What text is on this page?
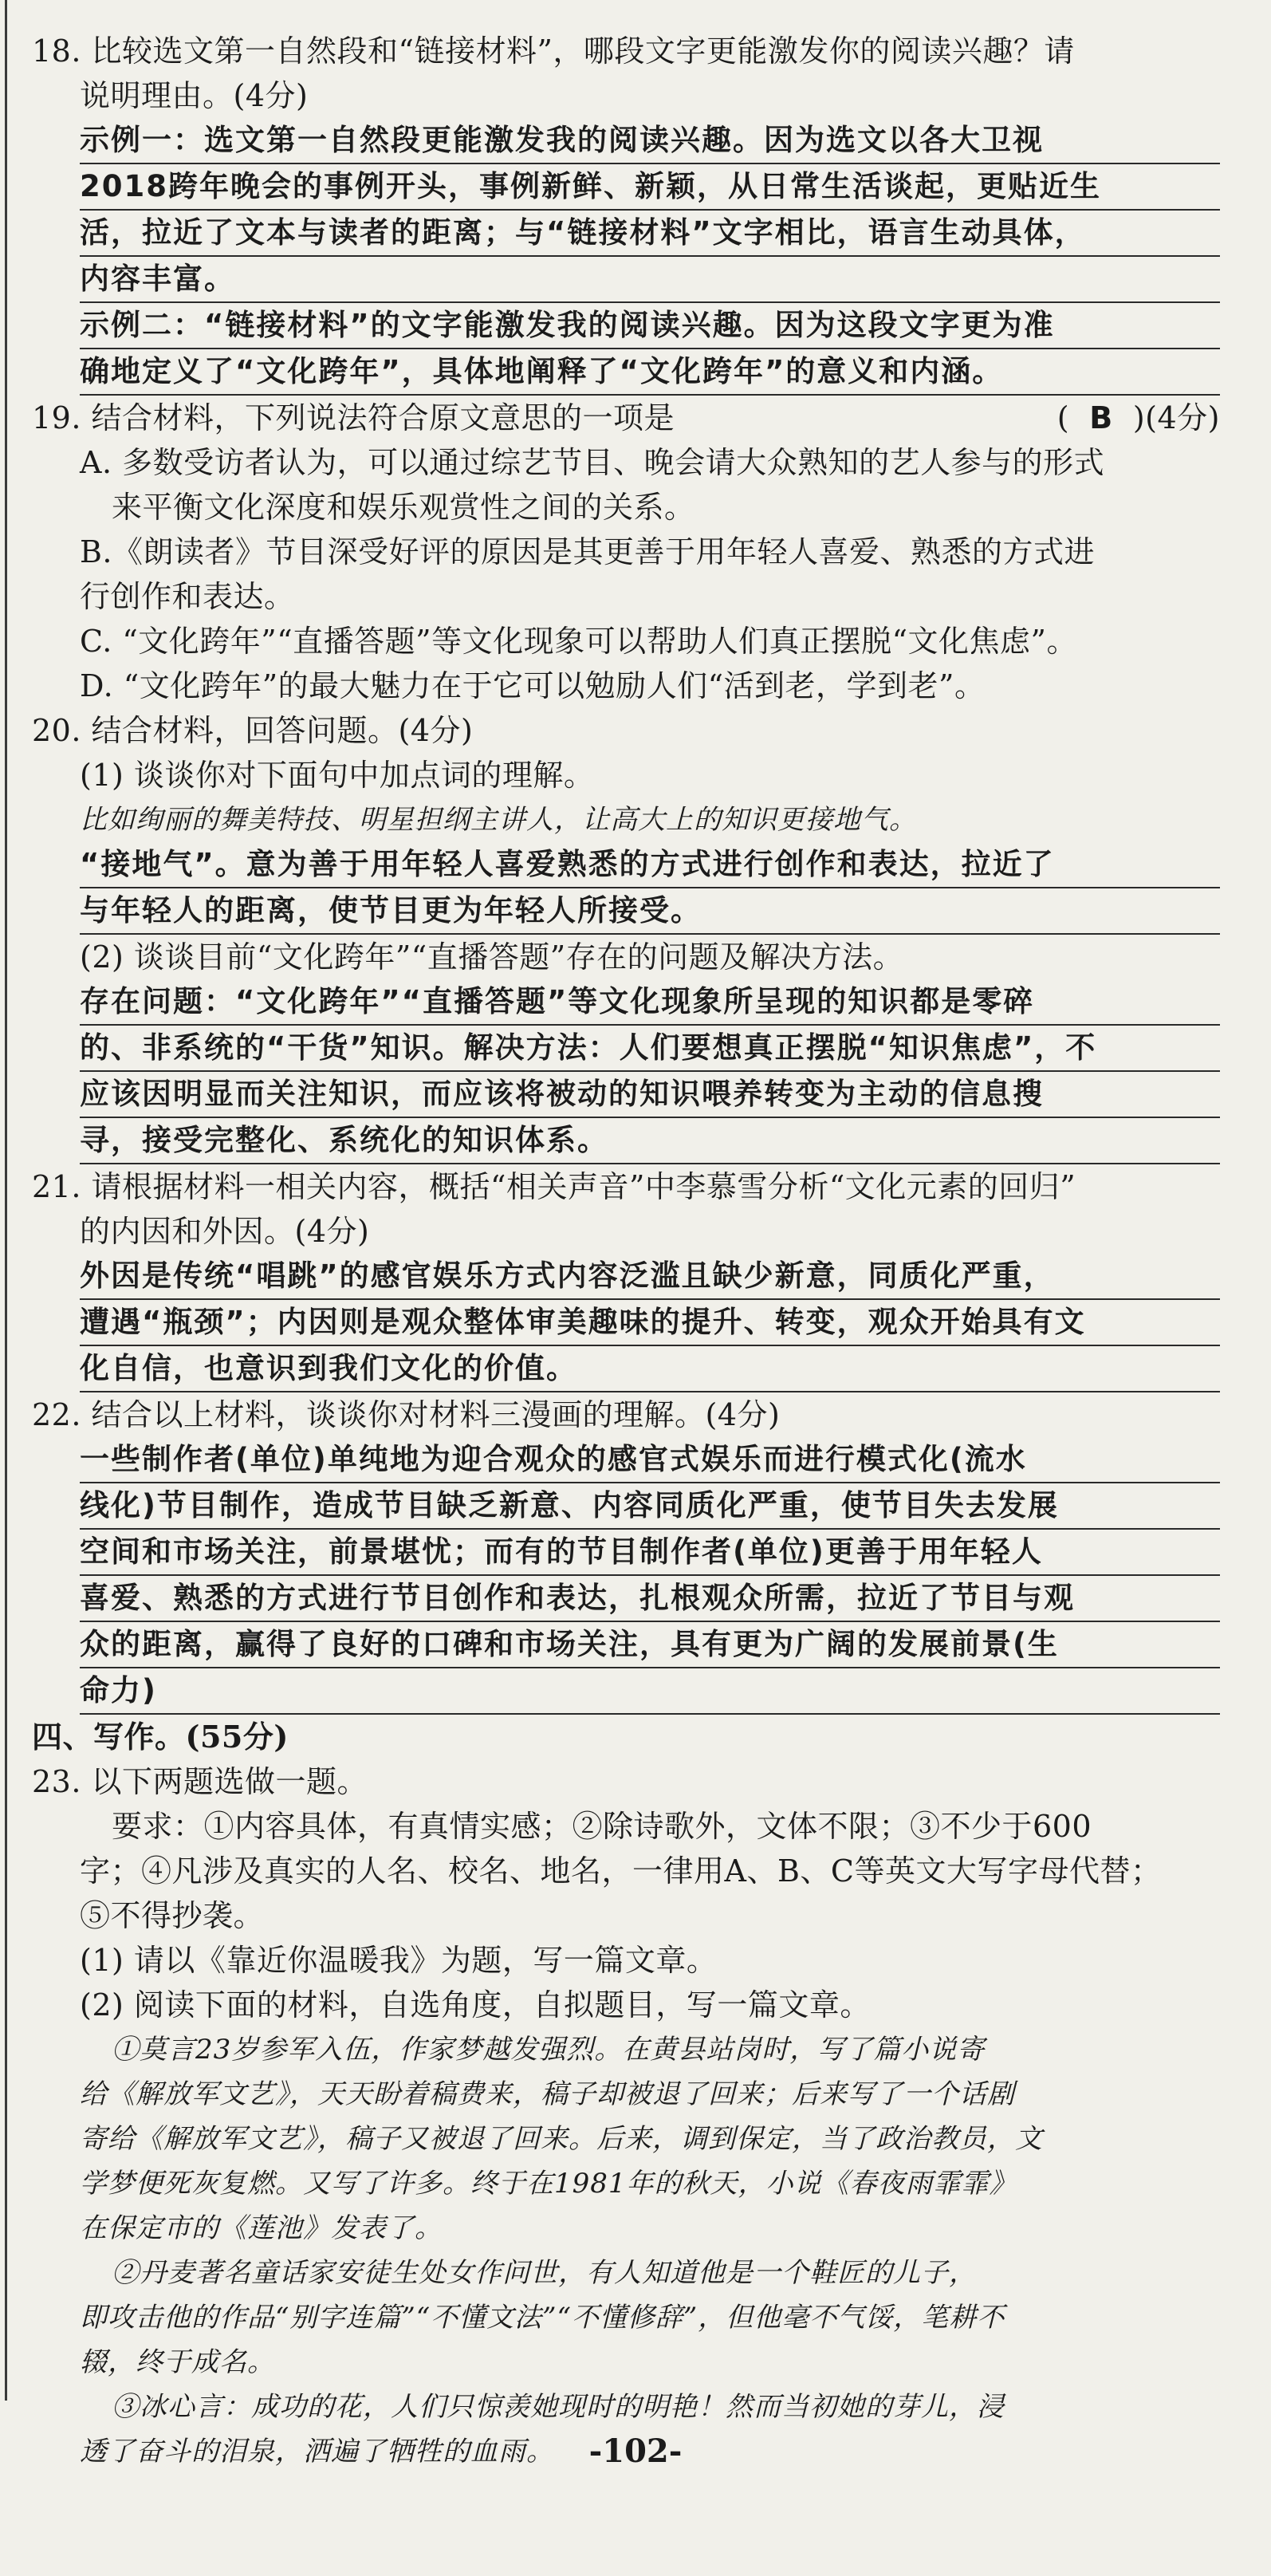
18. 比较选文第一自然段和“链接材料”，哪段文字更能激发你的阅读兴趣？请
说明理由。(4分)
示例一：选文第一自然段更能激发我的阅读兴趣。因为选文以各大卫视
2018跨年晚会的事例开头，事例新鲜、新颖，从日常生活谈起，更贴近生
活，拉近了文本与读者的距离；与“链接材料”文字相比，语言生动具体，
内容丰富。
示例二：“链接材料”的文字能激发我的阅读兴趣。因为这段文字更为准
确地定义了“文化跨年”，具体地阐释了“文化跨年”的意义和内涵。
19. 结合材料，下列说法符合原文意思的一项是	(  B  )(4分)
A. 多数受访者认为，可以通过综艺节目、晚会请大众熟知的艺人参与的形式
来平衡文化深度和娱乐观赏性之间的关系。
B.《朗读者》节目深受好评的原因是其更善于用年轻人喜爱、熟悉的方式进
行创作和表达。
C. “文化跨年”“直播答题”等文化现象可以帮助人们真正摆脱“文化焦虑”。
D. “文化跨年”的最大魅力在于它可以勉励人们“活到老，学到老”。
20. 结合材料，回答问题。(4分)
(1) 谈谈你对下面句中加点词的理解。
比如绚丽的舞美特技、明星担纲主讲人，让高大上的知识更接地气。
“接地气”。意为善于用年轻人喜爱熟悉的方式进行创作和表达，拉近了
与年轻人的距离，使节目更为年轻人所接受。
(2) 谈谈目前“文化跨年”“直播答题”存在的问题及解决方法。
存在问题：“文化跨年”“直播答题”等文化现象所呈现的知识都是零碎
的、非系统的“干货”知识。解决方法：人们要想真正摆脱“知识焦虑”，不
应该因明显而关注知识，而应该将被动的知识喂养转变为主动的信息搜
寻，接受完整化、系统化的知识体系。
21. 请根据材料一相关内容，概括“相关声音”中李慕雪分析“文化元素的回归”
的内因和外因。(4分)
外因是传统“唱跳”的感官娱乐方式内容泛滥且缺少新意，同质化严重，
遭遇“瓶颈”；内因则是观众整体审美趣味的提升、转变，观众开始具有文
化自信，也意识到我们文化的价值。
22. 结合以上材料，谈谈你对材料三漫画的理解。(4分)
一些制作者(单位)单纯地为迎合观众的感官式娱乐而进行模式化(流水
线化)节目制作，造成节目缺乏新意、内容同质化严重，使节目失去发展
空间和市场关注，前景堪忧；而有的节目制作者(单位)更善于用年轻人
喜爱、熟悉的方式进行节目创作和表达，扎根观众所需，拉近了节目与观
众的距离，赢得了良好的口碑和市场关注，具有更为广阔的发展前景(生
命力)
四、写作。(55分)
23. 以下两题选做一题。
要求：①内容具体，有真情实感；②除诗歌外，文体不限；③不少于600
字；④凡涉及真实的人名、校名、地名，一律用A、B、C等英文大写字母代替；
⑤不得抄袭。
(1) 请以《靠近你温暖我》为题，写一篇文章。
(2) 阅读下面的材料，自选角度，自拟题目，写一篇文章。
①莫言23岁参军入伍，作家梦越发强烈。在黄县站岗时，写了篇小说寄
给《解放军文艺》，天天盼着稿费来，稿子却被退了回来；后来写了一个话剧
寄给《解放军文艺》，稿子又被退了回来。后来，调到保定，当了政治教员，文
学梦便死灰复燃。又写了许多。终于在1981年的秋天，小说《春夜雨霏霏》
在保定市的《莲池》发表了。
②丹麦著名童话家安徒生处女作问世，有人知道他是一个鞋匠的儿子，
即攻击他的作品“别字连篇”“不懂文法”“不懂修辞”，但他毫不气馁，笔耕不
辍，终于成名。
③冰心言：成功的花，人们只惊羡她现时的明艳！然而当初她的芽儿，浸
透了奋斗的泪泉，洒遍了牺牲的血雨。	-102-
